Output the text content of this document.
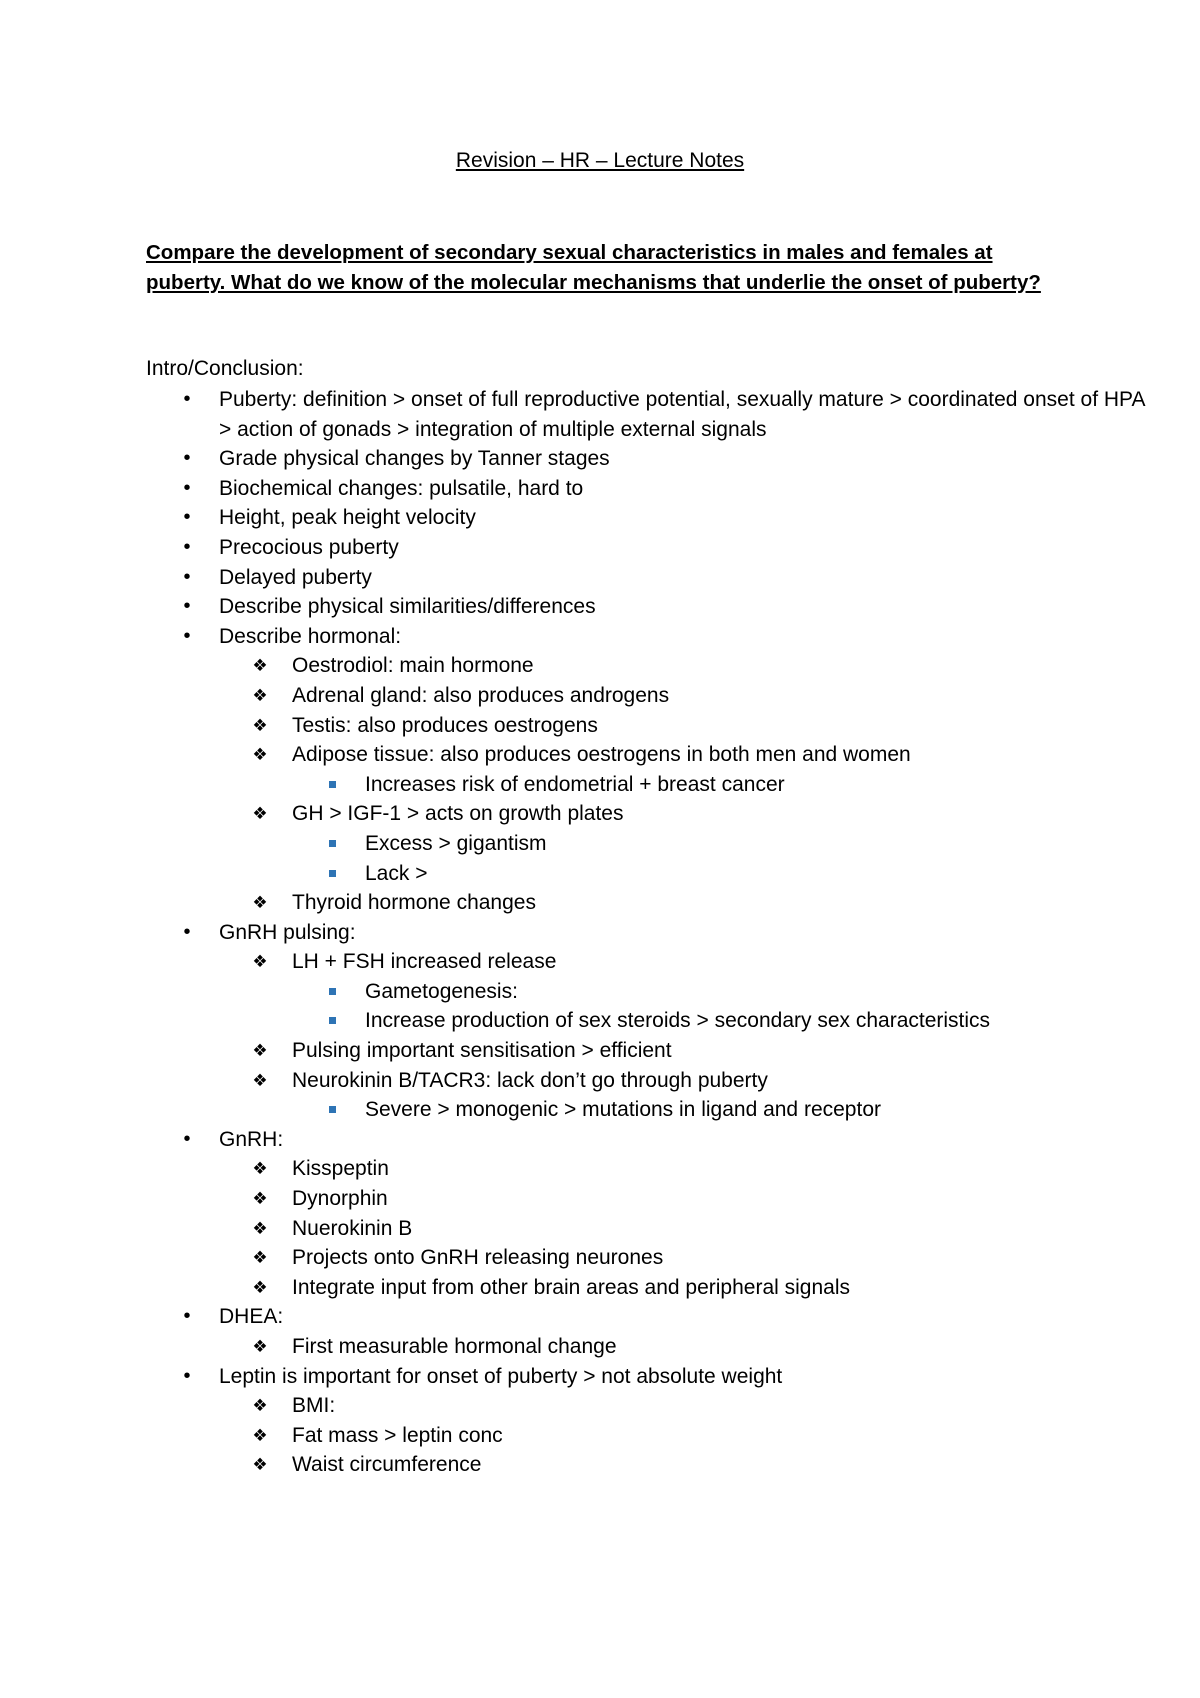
Revision – HR – Lecture Notes

Compare the development of secondary sexual characteristics in males and females at puberty. What do we know of the molecular mechanisms that underlie the onset of puberty?

Intro/Conclusion:

•	Puberty: definition > onset of full reproductive potential, sexually mature > coordinated onset of HPA > action of gonads > integration of multiple external signals
•	Grade physical changes by Tanner stages
•	Biochemical changes: pulsatile, hard to
•	Height, peak height velocity
•	Precocious puberty
•	Delayed puberty
•	Describe physical similarities/differences
•	Describe hormonal:
❖	Oestrodiol: main hormone
❖	Adrenal gland: also produces androgens
❖	Testis: also produces oestrogens
❖	Adipose tissue: also produces oestrogens in both men and women
Increases risk of endometrial + breast cancer
❖	GH > IGF-1 > acts on growth plates
Excess > gigantism
Lack >
❖	Thyroid hormone changes
•	GnRH pulsing:
❖	LH + FSH increased release
Gametogenesis:
Increase production of sex steroids > secondary sex characteristics
❖	Pulsing important sensitisation > efficient
❖	Neurokinin B/TACR3: lack don’t go through puberty
Severe > monogenic > mutations in ligand and receptor
•	GnRH:
❖	Kisspeptin
❖	Dynorphin
❖	Nuerokinin B
❖	Projects onto GnRH releasing neurones
❖	Integrate input from other brain areas and peripheral signals
•	DHEA:
❖	First measurable hormonal change
•	Leptin is important for onset of puberty > not absolute weight
❖	BMI:
❖	Fat mass > leptin conc
❖	Waist circumference
